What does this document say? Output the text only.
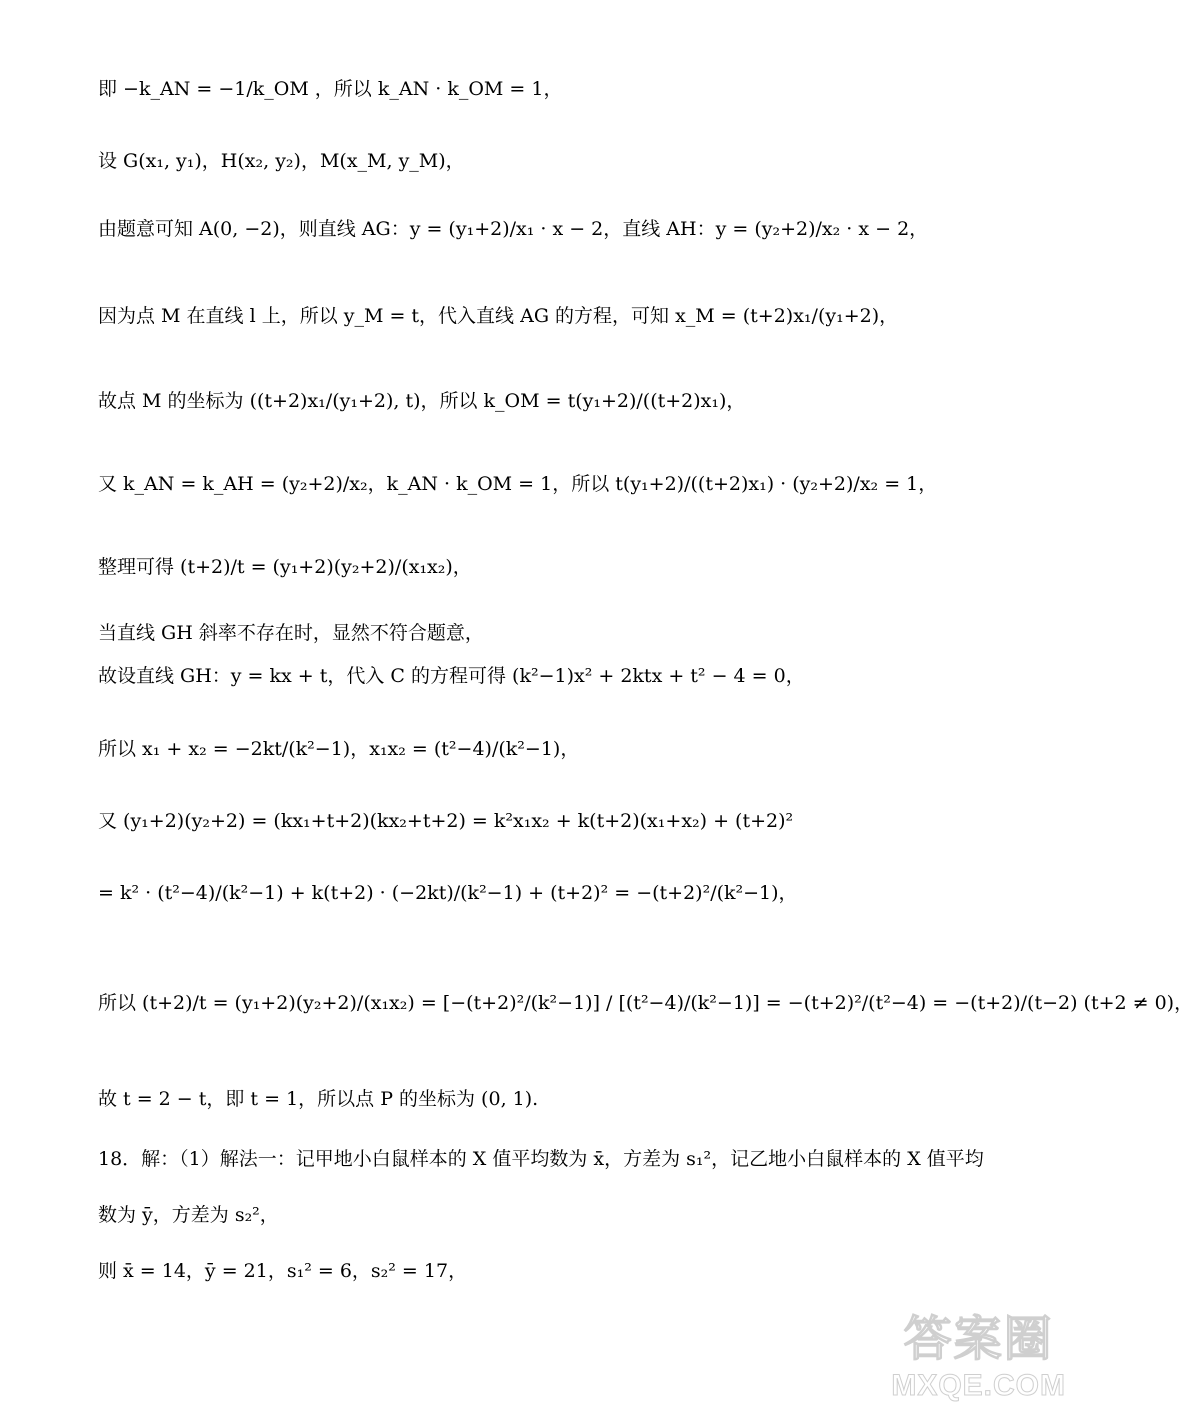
即 −k_AN = −1/k_OM ，所以 k_AN · k_OM = 1，
设 G(x₁, y₁)，H(x₂, y₂)，M(x_M, y_M)，
由题意可知 A(0, −2)，则直线 AG：y = (y₁+2)/x₁ · x − 2，直线 AH：y = (y₂+2)/x₂ · x − 2，
因为点 M 在直线 l 上，所以 y_M = t，代入直线 AG 的方程，可知 x_M = (t+2)x₁/(y₁+2)，
故点 M 的坐标为 ((t+2)x₁/(y₁+2), t)，所以 k_OM = t(y₁+2)/((t+2)x₁)，
又 k_AN = k_AH = (y₂+2)/x₂，k_AN · k_OM = 1，所以 t(y₁+2)/((t+2)x₁) · (y₂+2)/x₂ = 1，
整理可得 (t+2)/t = (y₁+2)(y₂+2)/(x₁x₂)，
当直线 GH 斜率不存在时，显然不符合题意，
故设直线 GH：y = kx + t，代入 C 的方程可得 (k²−1)x² + 2ktx + t² − 4 = 0，
所以 x₁ + x₂ = −2kt/(k²−1)，x₁x₂ = (t²−4)/(k²−1)，
又 (y₁+2)(y₂+2) = (kx₁+t+2)(kx₂+t+2) = k²x₁x₂ + k(t+2)(x₁+x₂) + (t+2)²
= k² · (t²−4)/(k²−1) + k(t+2) · (−2kt)/(k²−1) + (t+2)² = −(t+2)²/(k²−1)，
所以 (t+2)/t = (y₁+2)(y₂+2)/(x₁x₂) = [−(t+2)²/(k²−1)] / [(t²−4)/(k²−1)] = −(t+2)²/(t²−4) = −(t+2)/(t−2) (t+2 ≠ 0)，
故 t = 2 − t，即 t = 1，所以点 P 的坐标为 (0, 1).
18．解：（1）解法一：记甲地小白鼠样本的 X 值平均数为 x̄，方差为 s₁²，记乙地小白鼠样本的 X 值平均
数为 ȳ，方差为 s₂²，
则 x̄ = 14，ȳ = 21，s₁² = 6，s₂² = 17，
答案圈
MXQE.COM
